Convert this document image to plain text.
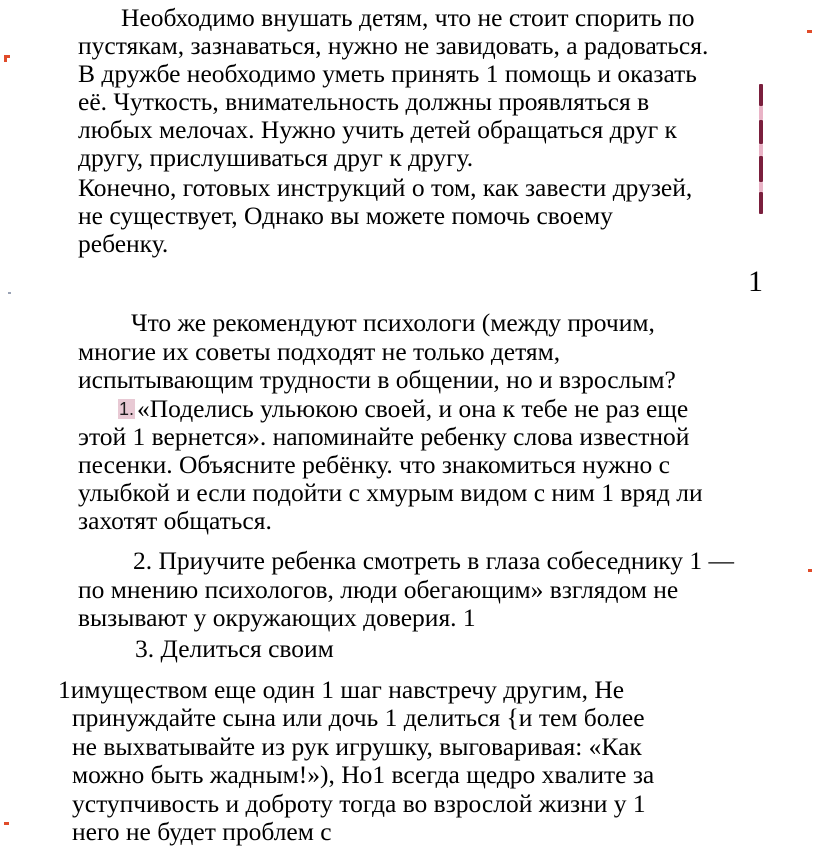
Необходимо внушать детям, что не стоит спорить по
пустякам, зазнаваться, нужно не завидовать, а радоваться.
В дружбе необходимо уметь принять 1 помощь и оказать
её. Чуткость, внимательность должны проявляться в
любых мелочах. Нужно учить детей обращаться друг к
другу, прислушиваться друг к другу.
Конечно, готовых инструкций о том, как завести друзей,
не существует, Однако вы можете помочь своему
ребенку.
1
Что же рекомендуют психологи (между прочим,
многие их советы подходят не только детям,
испытывающим трудности в общении, но и взрослым?
1. «Поделись ульюкою своей, и она к тебе не раз еще
этой 1 вернется». напоминайте ребенку слова известной
песенки. Объясните ребёнку. что знакомиться нужно с
улыбкой и если подойти с хмурым видом с ним 1 вряд ли
захотят общаться.
2. Приучите ребенка смотреть в глаза собеседнику 1 —
по мнению психологов, люди обегающим» взглядом не
вызывают у окружающих доверия. 1
3. Делиться своим
1имуществом еще один 1 шаг навстречу другим, Не
принуждайте сына или дочь 1 делиться {и тем более
не выхватывайте из рук игрушку, выговаривая: «Как
можно быть жадным!»), Но1 всегда щедро хвалите за
уступчивость и доброту тогда во взрослой жизни у 1
него не будет проблем с
